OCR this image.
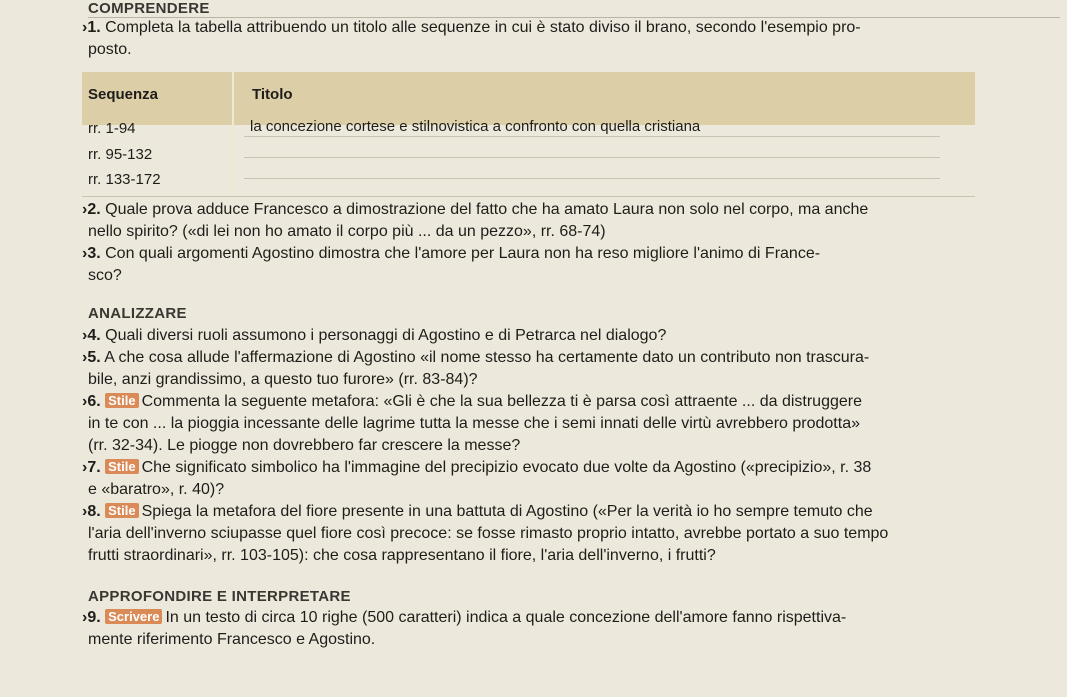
COMPRENDERE
›1. Completa la tabella attribuendo un titolo alle sequenze in cui è stato diviso il brano, secondo l'esempio pro-
posto.
Sequenza	Titolo
rr. 1-94	la concezione cortese e stilnovistica a confronto con quella cristiana
rr. 95-132
rr. 133-172
›2. Quale prova adduce Francesco a dimostrazione del fatto che ha amato Laura non solo nel corpo, ma anche
nello spirito? («di lei non ho amato il corpo più ... da un pezzo», rr. 68-74)
›3. Con quali argomenti Agostino dimostra che l'amore per Laura non ha reso migliore l'animo di France-
sco?
ANALIZZARE
›4. Quali diversi ruoli assumono i personaggi di Agostino e di Petrarca nel dialogo?
›5. A che cosa allude l'affermazione di Agostino «il nome stesso ha certamente dato un contributo non trascura-
bile, anzi grandissimo, a questo tuo furore» (rr. 83-84)?
›6. Stile Commenta la seguente metafora: «Gli è che la sua bellezza ti è parsa così attraente ... da distruggere
in te con ... la pioggia incessante delle lagrime tutta la messe che i semi innati delle virtù avrebbero prodotta»
(rr. 32-34). Le piogge non dovrebbero far crescere la messe?
›7. Stile Che significato simbolico ha l'immagine del precipizio evocato due volte da Agostino («precipizio», r. 38
e «baratro», r. 40)?
›8. Stile Spiega la metafora del fiore presente in una battuta di Agostino («Per la verità io ho sempre temuto che
l'aria dell'inverno sciupasse quel fiore così precoce: se fosse rimasto proprio intatto, avrebbe portato a suo tempo
frutti straordinari», rr. 103-105): che cosa rappresentano il fiore, l'aria dell'inverno, i frutti?
APPROFONDIRE E INTERPRETARE
›9. Scrivere In un testo di circa 10 righe (500 caratteri) indica a quale concezione dell'amore fanno rispettiva-
mente riferimento Francesco e Agostino.
